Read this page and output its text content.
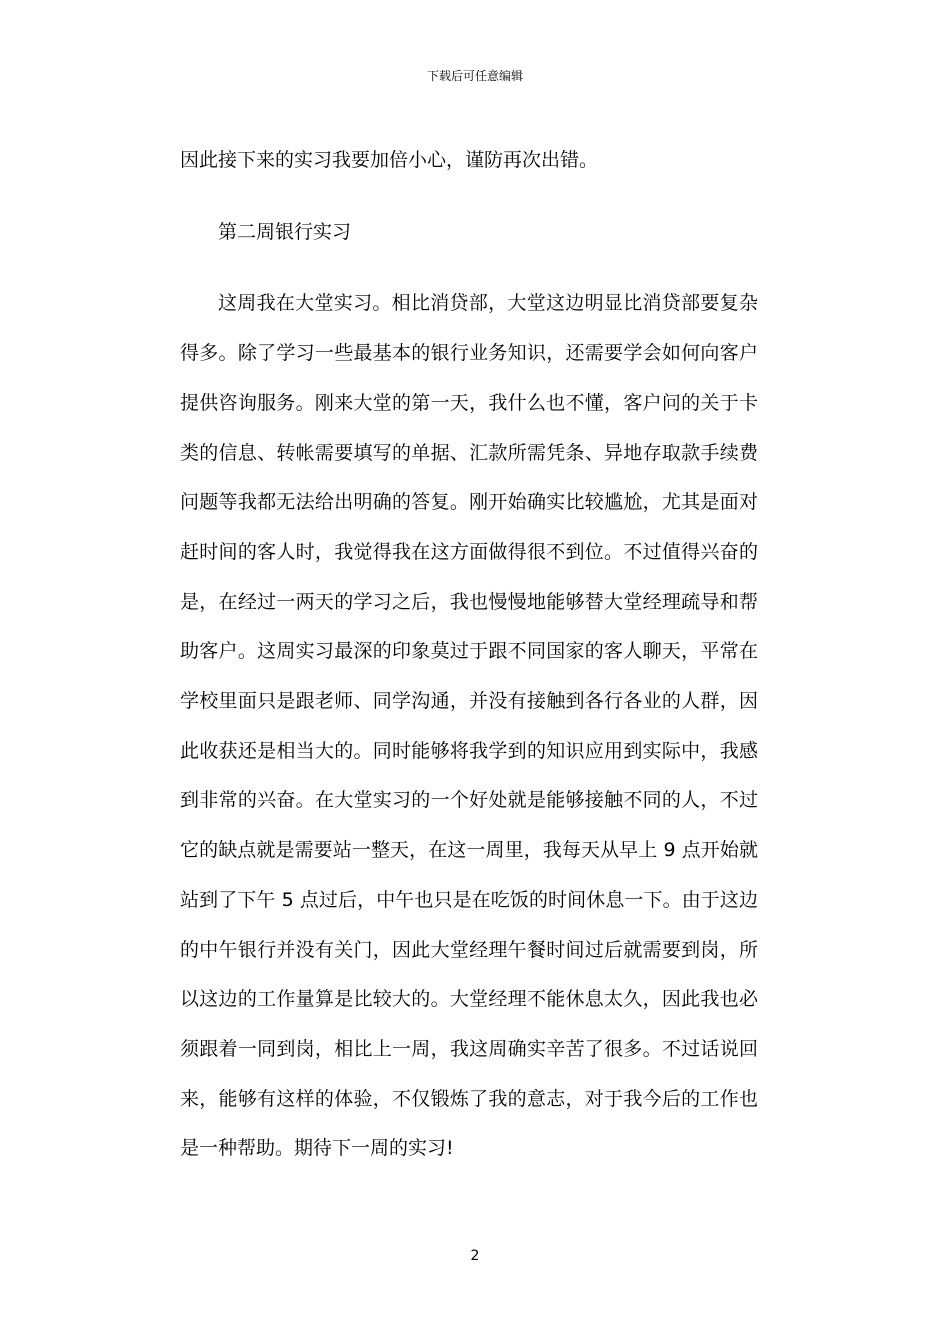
下载后可任意编辑

因此接下来的实习我要加倍小心，谨防再次出错。

第二周银行实习

这周我在大堂实习。相比消贷部，大堂这边明显比消贷部要复杂得多。除了学习一些最基本的银行业务知识，还需要学会如何向客户提供咨询服务。刚来大堂的第一天，我什么也不懂，客户问的关于卡类的信息、转帐需要填写的单据、汇款所需凭条、异地存取款手续费问题等我都无法给出明确的答复。刚开始确实比较尴尬，尤其是面对赶时间的客人时，我觉得我在这方面做得很不到位。不过值得兴奋的是，在经过一两天的学习之后，我也慢慢地能够替大堂经理疏导和帮助客户。这周实习最深的印象莫过于跟不同国家的客人聊天，平常在学校里面只是跟老师、同学沟通，并没有接触到各行各业的人群，因此收获还是相当大的。同时能够将我学到的知识应用到实际中，我感到非常的兴奋。在大堂实习的一个好处就是能够接触不同的人，不过它的缺点就是需要站一整天，在这一周里，我每天从早上 9 点开始就站到了下午 5 点过后，中午也只是在吃饭的时间休息一下。由于这边的中午银行并没有关门，因此大堂经理午餐时间过后就需要到岗，所以这边的工作量算是比较大的。大堂经理不能休息太久，因此我也必须跟着一同到岗，相比上一周，我这周确实辛苦了很多。不过话说回来，能够有这样的体验，不仅锻炼了我的意志，对于我今后的工作也是一种帮助。期待下一周的实习!

2
